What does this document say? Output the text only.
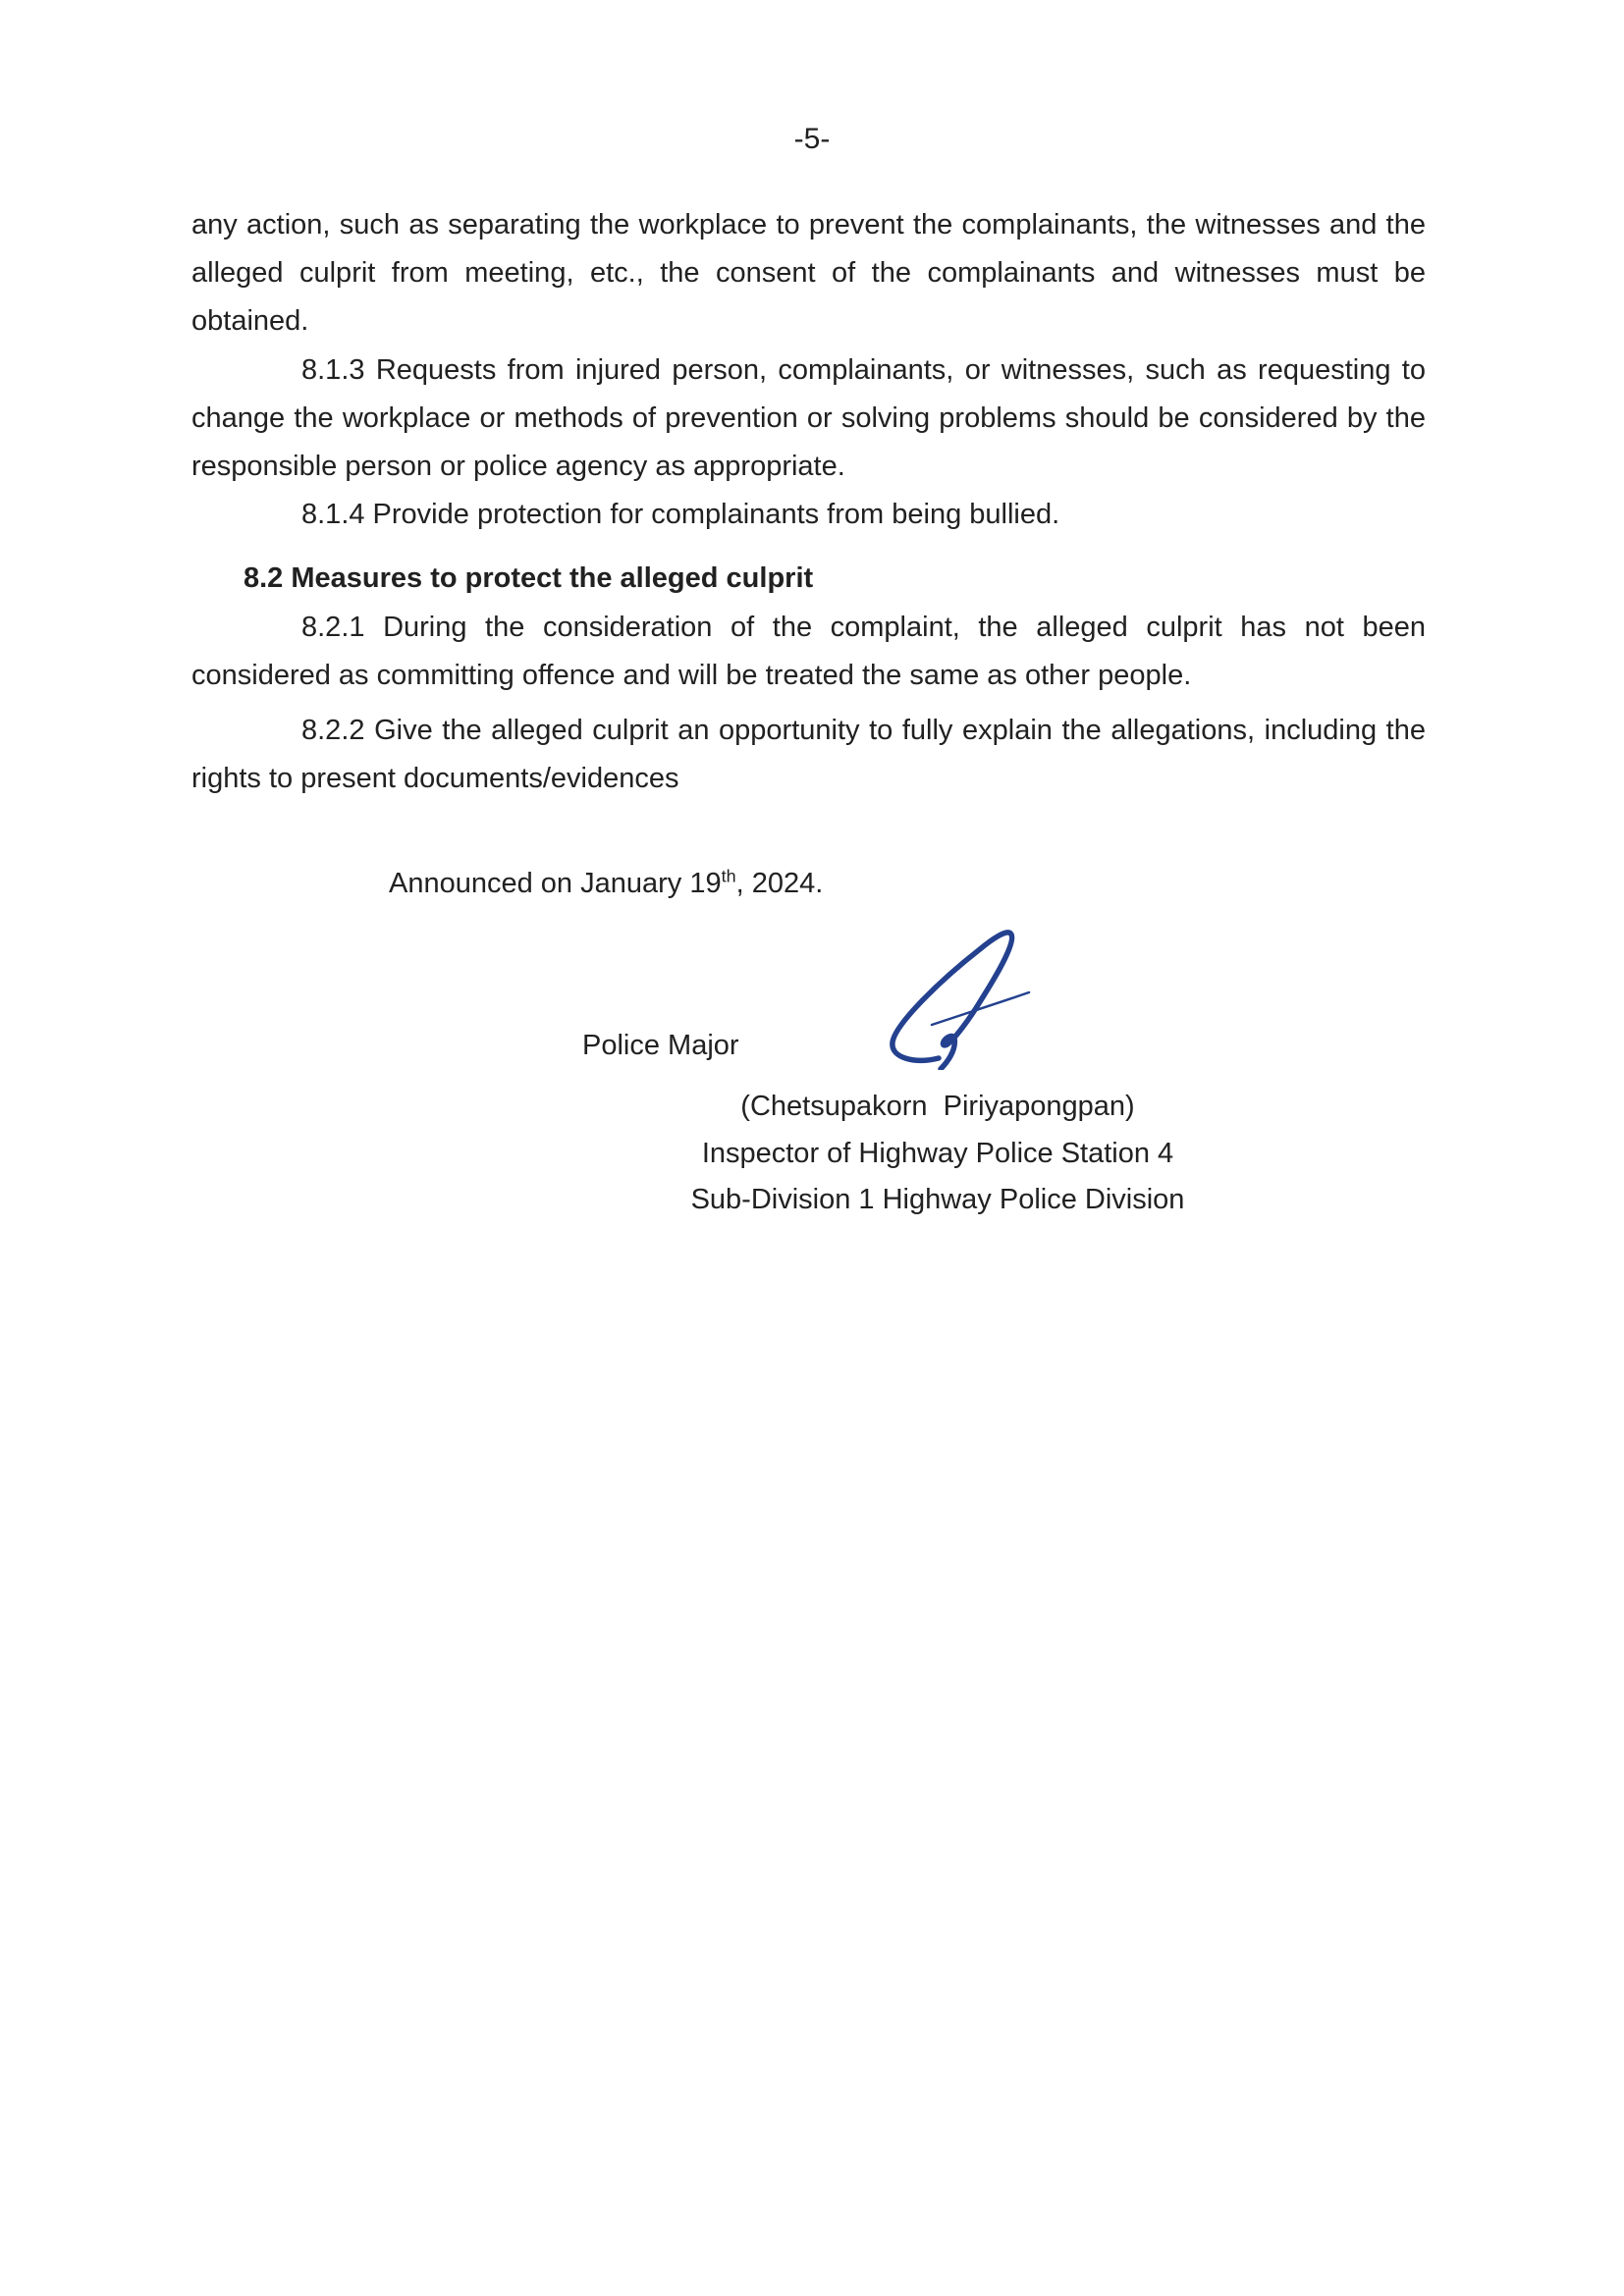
-5-
any action, such as separating the workplace to prevent the complainants, the witnesses and the alleged culprit from meeting, etc., the consent of the complainants and witnesses must be obtained.
8.1.3 Requests from injured person, complainants, or witnesses, such as requesting to change the workplace or methods of prevention or solving problems should be considered by the responsible person or police agency as appropriate.
8.1.4 Provide protection for complainants from being bullied.
8.2 Measures to protect the alleged culprit
8.2.1 During the consideration of the complaint, the alleged culprit has not been considered as committing offence and will be treated the same as other people.
8.2.2 Give the alleged culprit an opportunity to fully explain the allegations, including the rights to present documents/evidences
Announced on January 19th, 2024.
Police Major
(Chetsupakorn  Piriyapongpan)
Inspector of Highway Police Station 4
Sub-Division 1 Highway Police Division
